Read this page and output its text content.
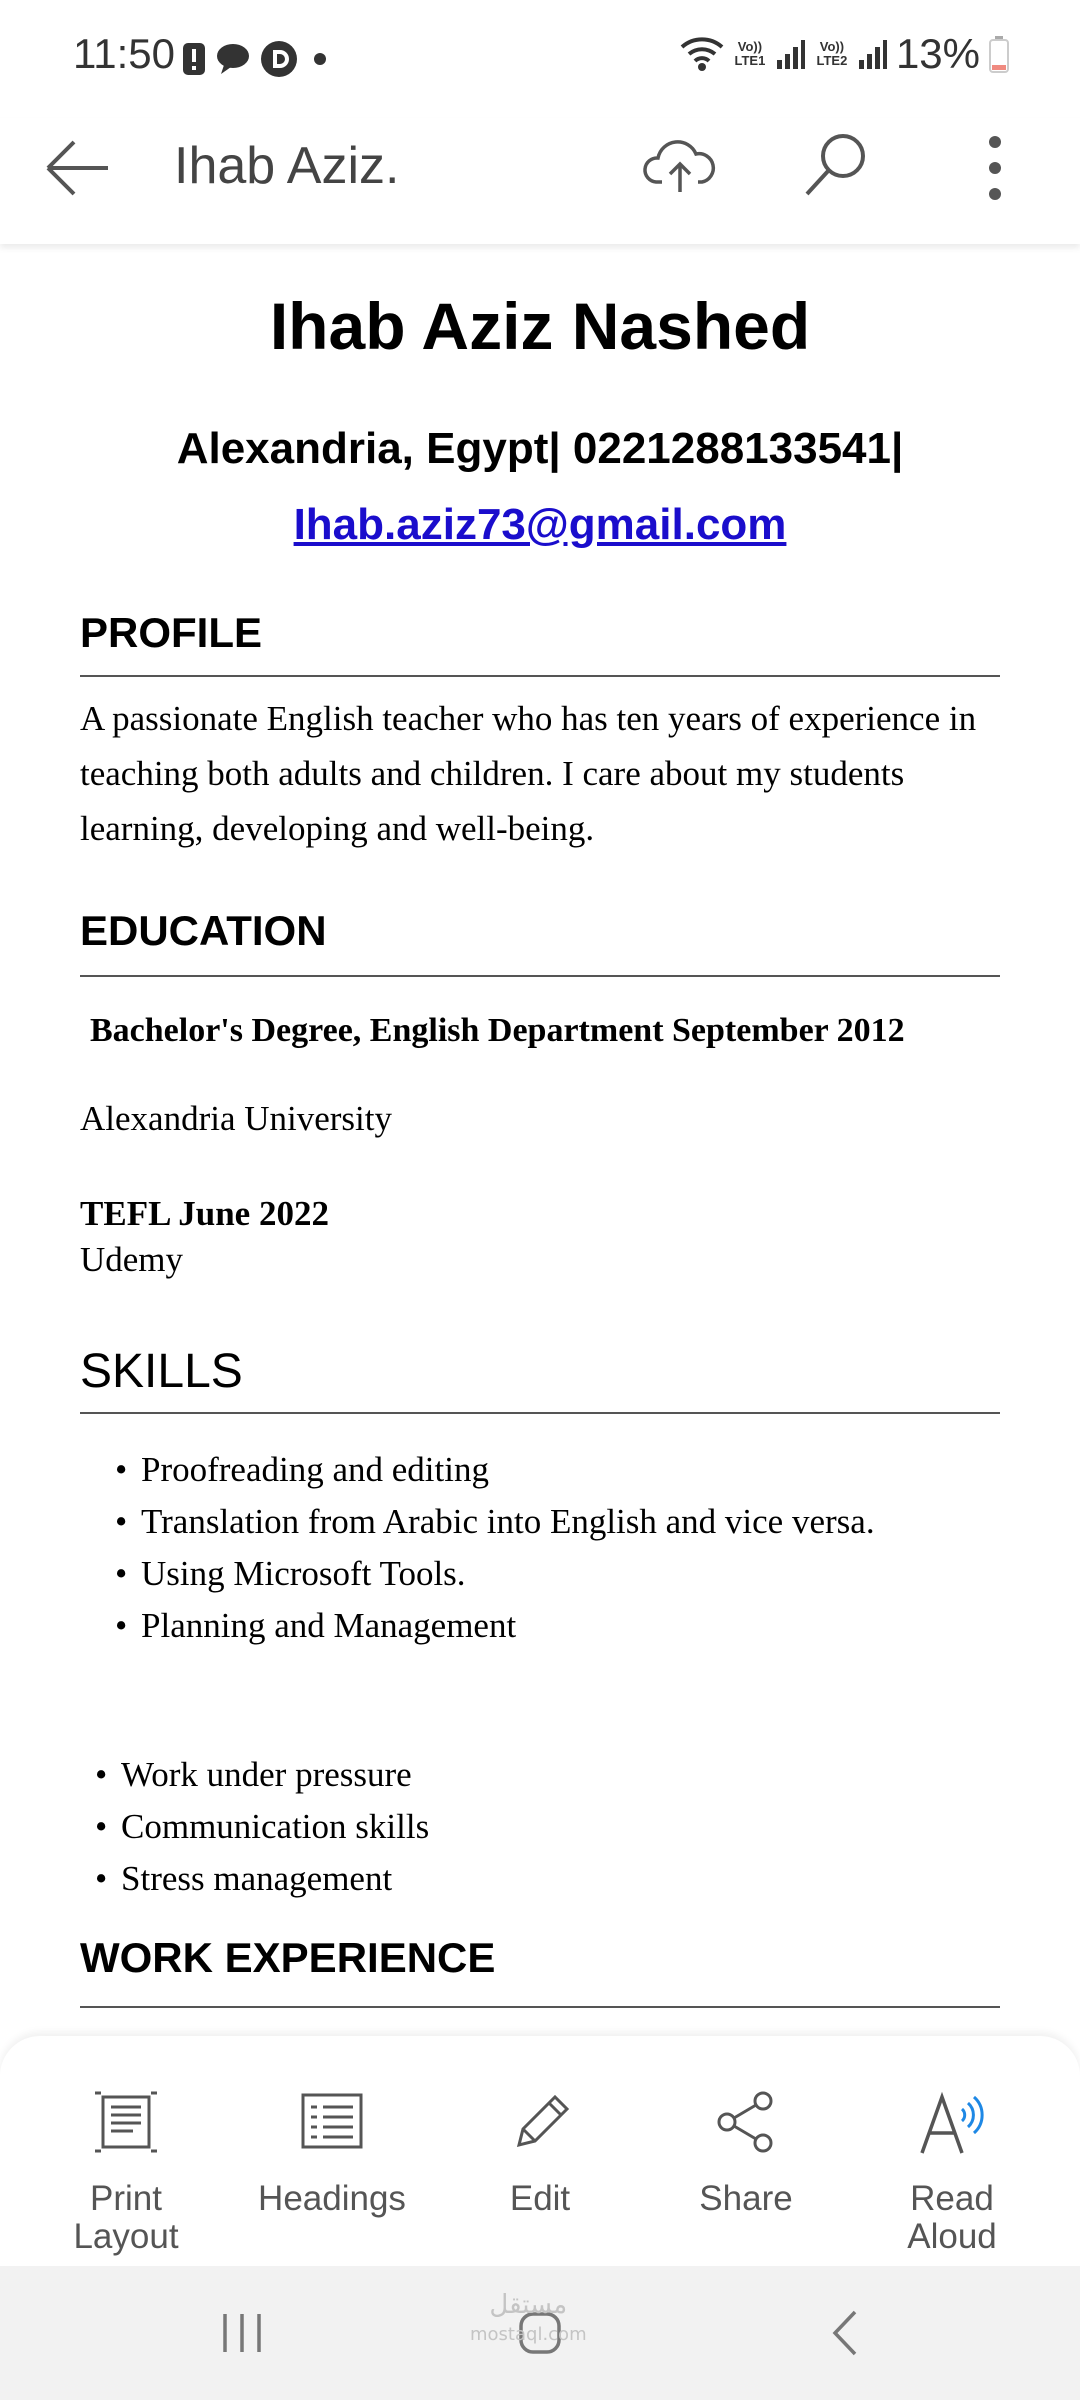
11:50	Vo)) LTE1
Vo)) LTE2 13%
Ihab Aziz.
Ihab Aziz Nashed
Alexandria, Egypt| 0221288133541|
Ihab.aziz73@gmail.com
PROFILE
A passionate English teacher who has ten years of experience in teaching both adults and children. I care about my students learning, developing and well-being.
EDUCATION
Bachelor's Degree, English Department September 2012
Alexandria University
TEFL June 2022
Udemy
SKILLS
• Proofreading and editing
• Translation from Arabic into English and vice versa.
• Using Microsoft Tools.
• Planning and Management
• Work under pressure
• Communication skills
• Stress management
WORK EXPERIENCE
Print Layout
Headings	Edit	Share	Read Aloud
مستقل
mostaql.com
